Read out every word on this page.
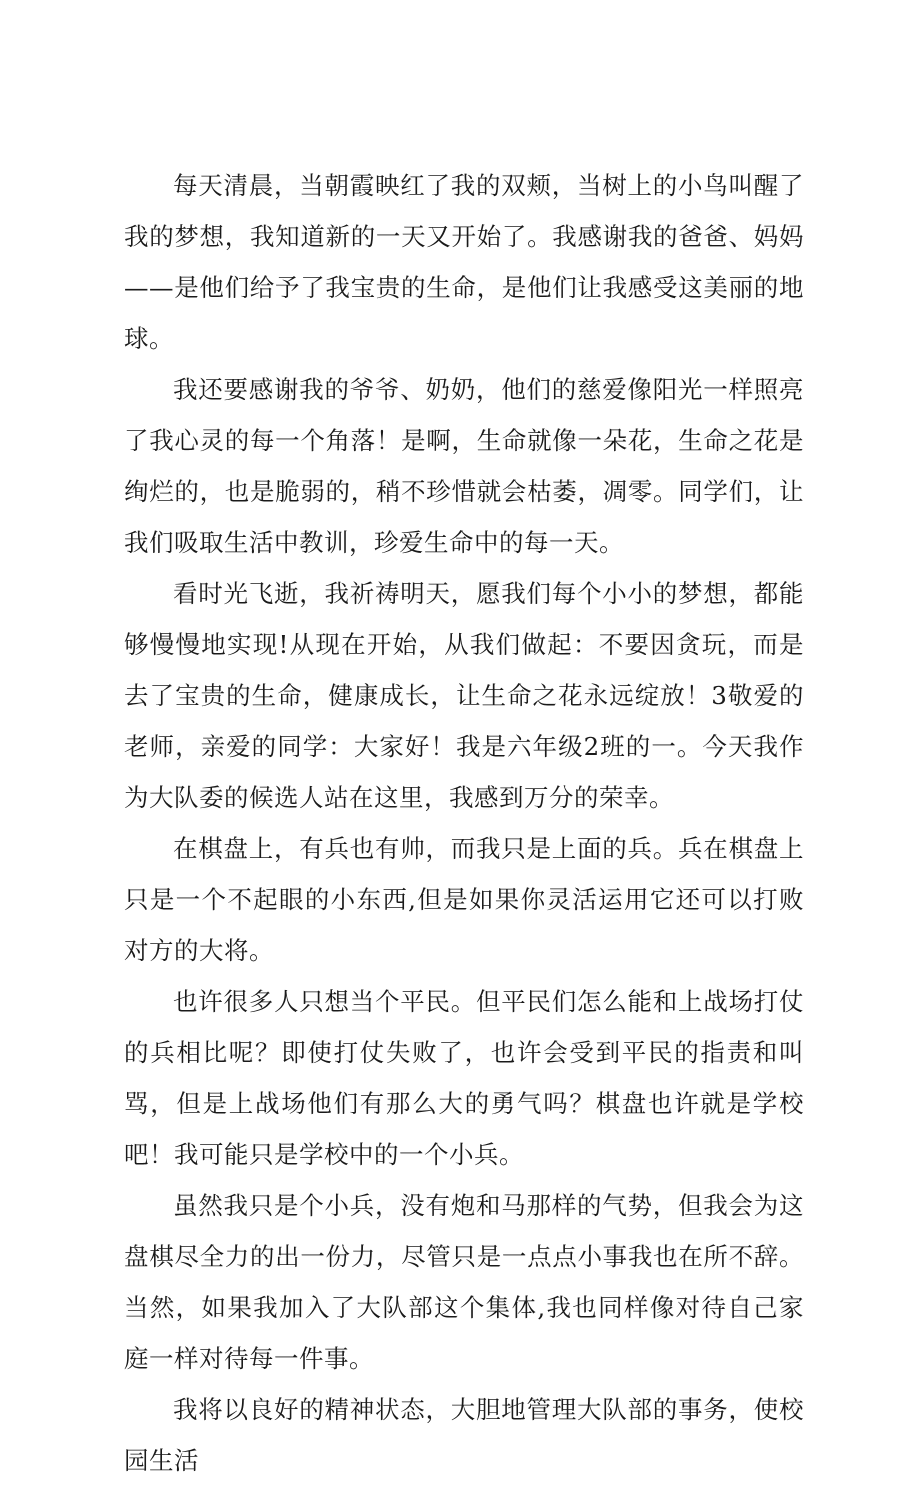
每天清晨，当朝霞映红了我的双颊，当树上的小鸟叫醒了我的梦想，我知道新的一天又开始了。我感谢我的爸爸、妈妈——是他们给予了我宝贵的生命，是他们让我感受这美丽的地球。

我还要感谢我的爷爷、奶奶，他们的慈爱像阳光一样照亮了我心灵的每一个角落！是啊，生命就像一朵花，生命之花是绚烂的，也是脆弱的，稍不珍惜就会枯萎，凋零。同学们，让我们吸取生活中教训，珍爱生命中的每一天。

看时光飞逝，我祈祷明天，愿我们每个小小的梦想，都能够慢慢地实现!从现在开始，从我们做起：不要因贪玩，而是去了宝贵的生命，健康成长，让生命之花永远绽放！3敬爱的老师，亲爱的同学：大家好！我是六年级2班的一。今天我作为大队委的候选人站在这里，我感到万分的荣幸。

在棋盘上，有兵也有帅，而我只是上面的兵。兵在棋盘上只是一个不起眼的小东西,但是如果你灵活运用它还可以打败对方的大将。

也许很多人只想当个平民。但平民们怎么能和上战场打仗的兵相比呢？即使打仗失败了，也许会受到平民的指责和叫骂，但是上战场他们有那么大的勇气吗？棋盘也许就是学校吧！我可能只是学校中的一个小兵。

虽然我只是个小兵，没有炮和马那样的气势，但我会为这盘棋尽全力的出一份力，尽管只是一点点小事我也在所不辞。当然，如果我加入了大队部这个集体,我也同样像对待自己家庭一样对待每一件事。

我将以良好的精神状态，大胆地管理大队部的事务，使校园生活
